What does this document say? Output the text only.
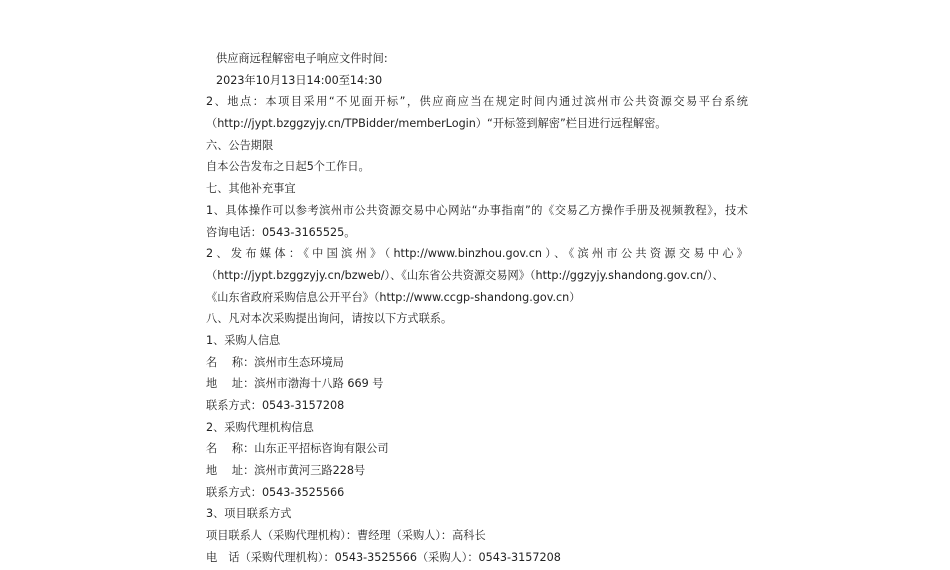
供应商远程解密电子响应文件时间:
2023年10月13日14:00至14:30
2、地点：本项目采用“不见面开标”，供应商应当在规定时间内通过滨州市公共资源交易平台系统
（http://jypt.bzggzyjy.cn/TPBidder/memberLogin）“开标签到解密”栏目进行远程解密。
六、公告期限
自本公告发布之日起5个工作日。
七、其他补充事宜
1、具体操作可以参考滨州市公共资源交易中心网站“办事指南”的《交易乙方操作手册及视频教程》，技术
咨询电话：0543-3165525。
2、发布媒体：《中国滨州》（http://www.binzhou.gov.cn）、《滨州市公共资源交易中心》
（http://jypt.bzggzyjy.cn/bzweb/）、《山东省公共资源交易网》（http://ggzyjy.shandong.gov.cn/）、
《山东省政府采购信息公开平台》（http://www.ccgp-shandong.gov.cn）
八、凡对本次采购提出询问，请按以下方式联系。
1、采购人信息
名　 称：滨州市生态环境局
地　 址：滨州市渤海十八路 669 号
联系方式：0543-3157208
2、采购代理机构信息
名　 称：山东正平招标咨询有限公司
地　 址：滨州市黄河三路228号
联系方式：0543-3525566
3、项目联系方式
项目联系人（采购代理机构）：曹经理（采购人）：高科长
电　话（采购代理机构）：0543-3525566（采购人）：0543-3157208
